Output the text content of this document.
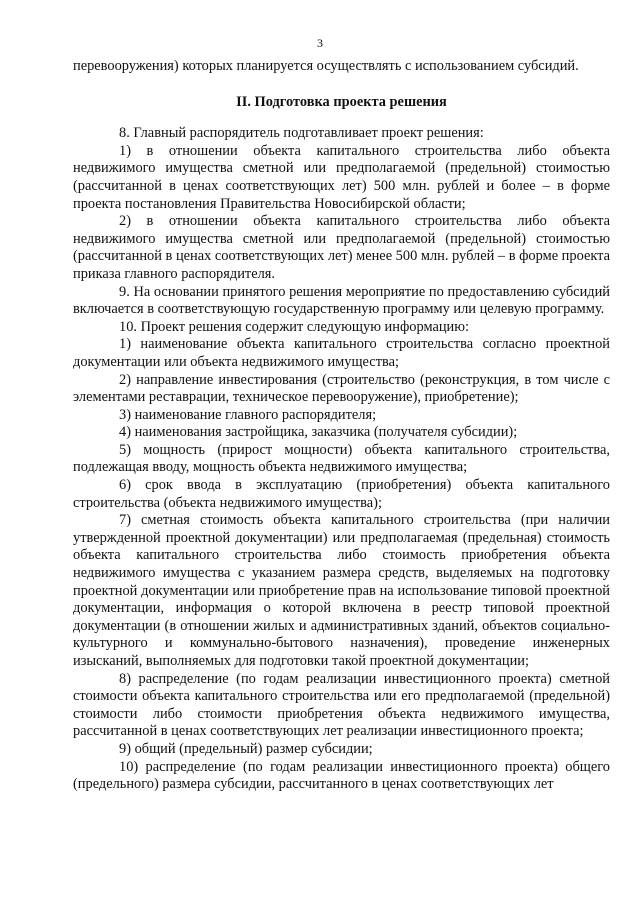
3

перевооружения) которых планируется осуществлять с использованием субсидий.

II. Подготовка проекта решения

8. Главный распорядитель подготавливает проект решения:

1) в отношении объекта капитального строительства либо объекта недвижимого имущества сметной или предполагаемой (предельной) стоимостью (рассчитанной в ценах соответствующих лет) 500 млн. рублей и более – в форме проекта постановления Правительства Новосибирской области;

2) в отношении объекта капитального строительства либо объекта недвижимого имущества сметной или предполагаемой (предельной) стоимостью (рассчитанной в ценах соответствующих лет) менее 500 млн. рублей – в форме проекта приказа главного распорядителя.

9. На основании принятого решения мероприятие по предоставлению субсидий включается в соответствующую государственную программу или целевую программу.

10. Проект решения содержит следующую информацию:

1) наименование объекта капитального строительства согласно проектной документации или объекта недвижимого имущества;

2) направление инвестирования (строительство (реконструкция, в том числе с элементами реставрации, техническое перевооружение), приобретение);

3) наименование главного распорядителя;

4) наименования застройщика, заказчика (получателя субсидии);

5) мощность (прирост мощности) объекта капитального строительства, подлежащая вводу, мощность объекта недвижимого имущества;

6) срок ввода в эксплуатацию (приобретения) объекта капитального строительства (объекта недвижимого имущества);

7) сметная стоимость объекта капитального строительства (при наличии утвержденной проектной документации) или предполагаемая (предельная) стоимость объекта капитального строительства либо стоимость приобретения объекта недвижимого имущества с указанием размера средств, выделяемых на подготовку проектной документации или приобретение прав на использование типовой проектной документации, информация о которой включена в реестр типовой проектной документации (в отношении жилых и административных зданий, объектов социально-культурного и коммунально-бытового назначения), проведение инженерных изысканий, выполняемых для подготовки такой проектной документации;

8) распределение (по годам реализации инвестиционного проекта) сметной стоимости объекта капитального строительства или его предполагаемой (предельной) стоимости либо стоимости приобретения объекта недвижимого имущества, рассчитанной в ценах соответствующих лет реализации инвестиционного проекта;

9) общий (предельный) размер субсидии;

10) распределение (по годам реализации инвестиционного проекта) общего (предельного) размера субсидии, рассчитанного в ценах соответствующих лет
